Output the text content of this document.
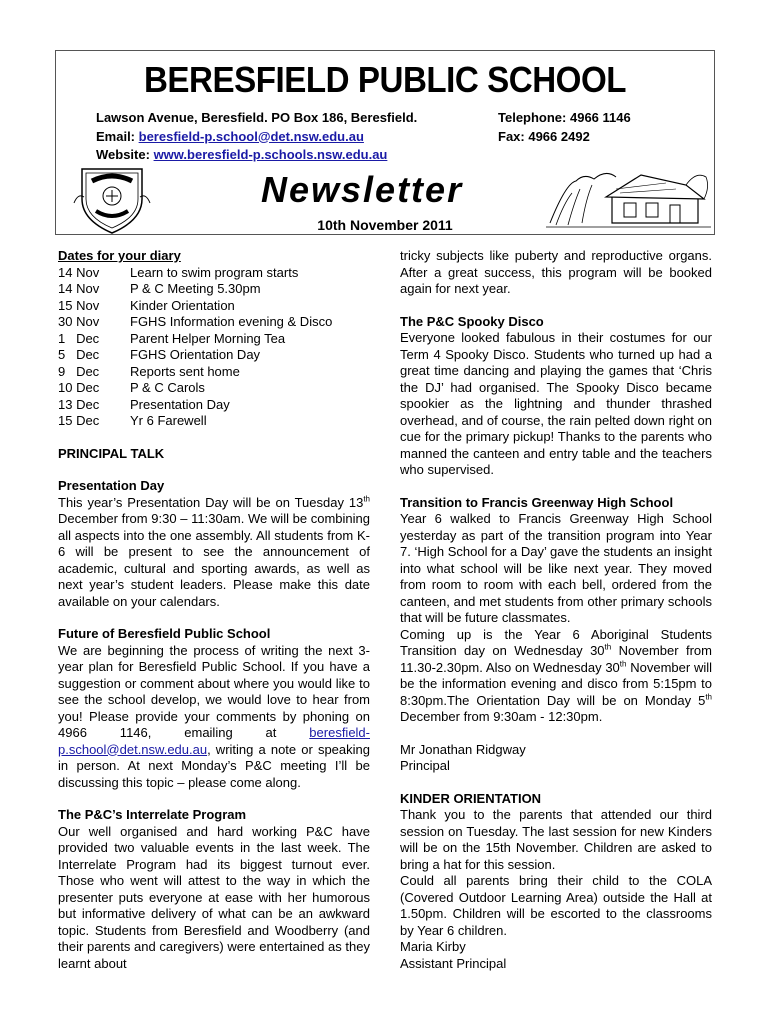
BERESFIELD PUBLIC SCHOOL
Lawson Avenue, Beresfield. PO Box 186, Beresfield.
Email: beresfield-p.school@det.nsw.edu.au
Website: www.beresfield-p.schools.nsw.edu.au
Telephone: 4966 1146
Fax: 4966 2492
Newsletter
10th November 2011
Dates for your diary
14 Nov	Learn to swim program starts
14 Nov	P & C Meeting 5.30pm
15 Nov	Kinder Orientation
30 Nov	FGHS Information evening & Disco
1   Dec	Parent Helper Morning Tea
5   Dec	FGHS Orientation Day
9   Dec	Reports sent home
10 Dec	P & C Carols
13 Dec	Presentation Day
15 Dec	Yr 6 Farewell
PRINCIPAL TALK
Presentation Day
This year’s Presentation Day will be on Tuesday 13th December from 9:30 – 11:30am. We will be combining all aspects into the one assembly. All students from K-6 will be present to see the announcement of academic, cultural and sporting awards, as well as next year’s student leaders. Please make this date available on your calendars.
Future of Beresfield Public School
We are beginning the process of writing the next 3-year plan for Beresfield Public School. If you have a suggestion or comment about where you would like to see the school develop, we would love to hear from you! Please provide your comments by phoning on 4966 1146, emailing at beresfield-p.school@det.nsw.edu.au, writing a note or speaking in person. At next Monday’s P&C meeting I’ll be discussing this topic – please come along.
The P&C’s Interrelate Program
Our well organised and hard working P&C have provided two valuable events in the last week. The Interrelate Program had its biggest turnout ever. Those who went will attest to the way in which the presenter puts everyone at ease with her humorous but informative delivery of what can be an awkward topic. Students from Beresfield and Woodberry (and their parents and caregivers) were entertained as they learnt about
tricky subjects like puberty and reproductive organs. After a great success, this program will be booked again for next year.
The P&C Spooky Disco
Everyone looked fabulous in their costumes for our Term 4 Spooky Disco. Students who turned up had a great time dancing and playing the games that ‘Chris the DJ’ had organised. The Spooky Disco became spookier as the lightning and thunder thrashed overhead, and of course, the rain pelted down right on cue for the primary pickup! Thanks to the parents who manned the canteen and entry table and the teachers who supervised.
Transition to Francis Greenway High School
Year 6 walked to Francis Greenway High School yesterday as part of the transition program into Year 7. ‘High School for a Day’ gave the students an insight into what school will be like next year. They moved from room to room with each bell, ordered from the canteen, and met students from other primary schools that will be future classmates.
Coming up is the Year 6 Aboriginal Students Transition day on Wednesday 30th November from 11.30-2.30pm. Also on Wednesday 30th November will be the information evening and disco from 5:15pm to 8:30pm.The Orientation Day will be on Monday 5th December from 9:30am - 12:30pm.
Mr Jonathan Ridgway
Principal
KINDER ORIENTATION
Thank you to the parents that attended our third session on Tuesday. The last session for new Kinders will be on the 15th November. Children are asked to bring a hat for this session.
Could all parents bring their child to the COLA (Covered Outdoor Learning Area) outside the Hall at 1.50pm. Children will be escorted to the classrooms by Year 6 children.
Maria Kirby
Assistant Principal
